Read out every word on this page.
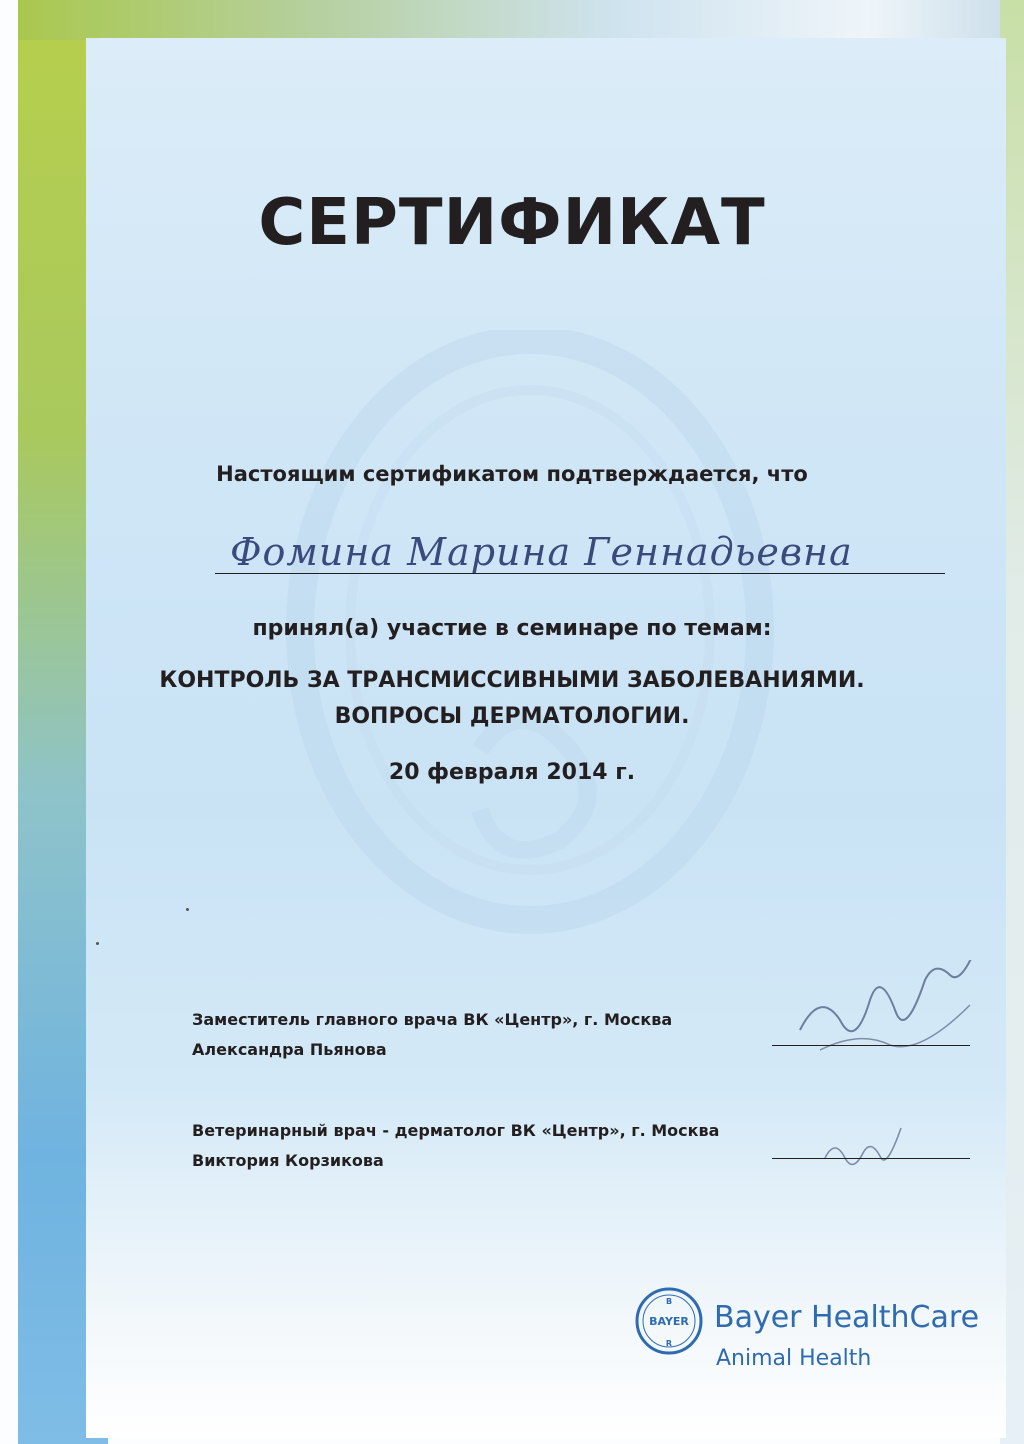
СЕРТИФИКАТ
Настоящим сертификатом подтверждается, что
Фомина Марина Геннадьевна
принял(а) участие в семинаре по темам:
КОНТРОЛЬ ЗА ТРАНСМИССИВНЫМИ ЗАБОЛЕВАНИЯМИ.
ВОПРОСЫ ДЕРМАТОЛОГИИ.
20 февраля 2014 г.
Заместитель главного врача ВК «Центр», г. Москва
Александра Пьянова
Ветеринарный врач - дерматолог ВК «Центр», г. Москва
Виктория Корзикова
BAYER
B
R
Bayer HealthCare
Animal Health
